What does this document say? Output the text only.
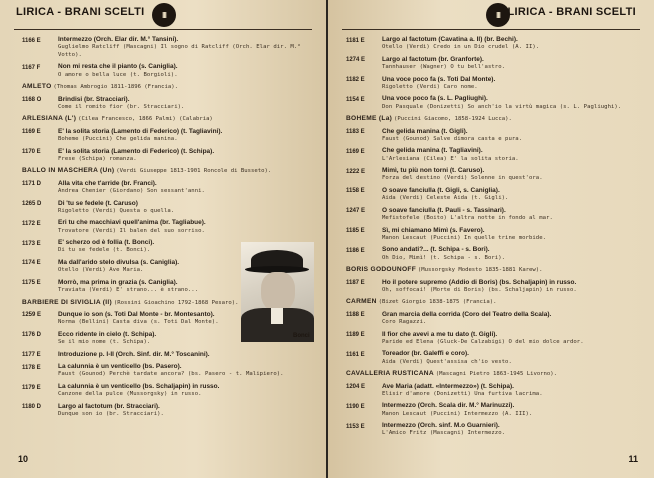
LIRICA - BRANI SCELTI III
1166 E	Intermezzo (Orch. Elar dir. M.° Tansini).
Guglielmo Ratcliff (Mascagni) Il sogno di Ratcliff (Orch. Elar dir. M.° Votto).
1167 F	Non mi resta che il pianto (s. Caniglia).
O amore o bella luce (t. Borgioli).
AMLETO (Thomas Ambrogio 1811-1896 (Francia).
1168 O	Brindisi (br. Stracciari).
Come il romito fior (br. Stracciari).
ARLESIANA (L') (Cilea Francesco, 1866 Palmi) (Calabria)
1169 E	E' la solita storia (Lamento di Federico) (t. Tagliavini).
Boheme (Puccini) Che gelida manina.
1170 E	E' la solita storia (Lamento di Federico) (t. Schipa).
Frese (Schipa) romanza.
BALLO IN MASCHERA (Un) (Verdi Giuseppe 1813-1901 Roncole di Busseto).
1171 D	Alla vita che t'arride (br. Franci).
Andrea Chenier (Giordano) Son sessant'anni.
1265 D	Di 'tu se fedele (t. Caruso)
Rigoletto (Verdi) Questa o quella.
1172 E	Eri tu che macchiavi quell'anima (br. Tagliabue).
Trovatore (Verdi) Il balen del suo sorriso.
1173 E	E' scherzo od è follia (t. Bonci).
Di tu se fedele (t. Bonci).
1174 E	Ma dall'arido stelo divulsa (s. Caniglia).
Otello (Verdi) Ave Maria.
1175 E	Morrò, ma prima in grazia (s. Caniglia).
Traviata (Verdi) E' strano... è strano...
BARBIERE DI SIVIGLIA (Il) (Rossini Gioachino 1792-1868 Pesaro).
1259 E	Dunque io son (s. Toti Dal Monte - br. Montesanto).
Norma (Bellini) Casta diva (s. Toti Dal Monte).
1176 D	Ecco ridente in cielo (t. Schipa).
Se il mio nome (t. Schipa).
1177 E	Introduzione p. I-II (Orch. Sinf. dir. M.° Toscanini).
1178 E	La calunnia è un venticello (bs. Pasero).
Faust (Gounod) Perchè tardate ancora? (bs. Pasero - t. Malipiero).
1179 E	La calunnia è un venticello (bs. Schaljapin) in russo.
Canzone della pulce (Mussorgsky) in russo.
1180 D	Largo al factotum (br. Stracciari).
Dunque son io (br. Stracciari).
Bonci
10
III LIRICA - BRANI SCELTI
1181 E	Largo al factotum (Cavatina a. II) (br. Bechi).
Otello (Verdi) Credo in un Dio crudel (A. II).
1274 E	Largo al factotum (br. Granforte).
Tannhauser (Wagner) O tu bell'astro.
1182 E	Una voce poco fa (s. Toti Dal Monte).
Rigoletto (Verdi) Caro nome.
1154 E	Una voce poco fa (s. L. Pagliughi).
Don Pasquale (Donizetti) So anch'io la virtù magica (s. L. Pagliughi).
BOHEME (La) (Puccini Giacomo, 1858-1924 Lucca).
1183 E	Che gelida manina (t. Gigli).
Faust (Gounod) Salve dimora casta e pura.
1169 E	Che gelida manina (t. Tagliavini).
L'Arlesiana (Cilea) E' la solita storia.
1222 E	Mimì, tu più non torni (t. Caruso).
Forza del destino (Verdi) Solenne in quest'ora.
1158 E	O soave fanciulla (t. Gigli, s. Caniglia).
Aida (Verdi) Celeste Aida (t. Gigli).
1247 E	O soave fanciulla (t. Pauli - s. Tassinari).
Mefistofele (Boito) L'altra notte in fondo al mar.
1185 E	Sì, mi chiamano Mimì (s. Favero).
Manon Lescaut (Puccini) In quelle trine morbide.
1186 E	Sono andati?... (t. Schipa - s. Bori).
Oh Dio, Mimì! (t. Schipa - s. Bori).
BORIS GODOUNOFF (Mussorgsky Modesto 1835-1881 Karew).
1187 E	Ho il potere supremo (Addio di Boris) (bs. Schaljapin) in russo.
Oh, soffocai! (Morte di Boris) (bs. Schaljapin) in russo.
CARMEN (Bizet Giorgio 1838-1875 (Francia).
1188 E	Gran marcia della corrida (Coro del Teatro della Scala).
Coro Ragazzi.
1189 E	Il fior che avevi a me tu dato (t. Gigli).
Paride ed Elena (Gluck-De Calzabigi) O del mio dolce ardor.
1161 E	Toreador (br. Galeffi e coro).
Aida (Verdi) Quest'assisa ch'io vesto.
CAVALLERIA RUSTICANA (Mascagni Pietro 1863-1945 Livorno).
1204 E	Ave Maria (adatt. «Intermezzo») (t. Schipa).
Elisir d'amore (Donizetti) Una furtiva lacrima.
1190 E	Intermezzo (Orch. Scala dir. M.° Marinuzzi).
Manon Lescaut (Puccini) Intermezzo (A. III).
1153 E	Intermezzo (Orch. sinf. M.o Guarnieri).
L'Amico Fritz (Mascagni) Intermezzo.
11
